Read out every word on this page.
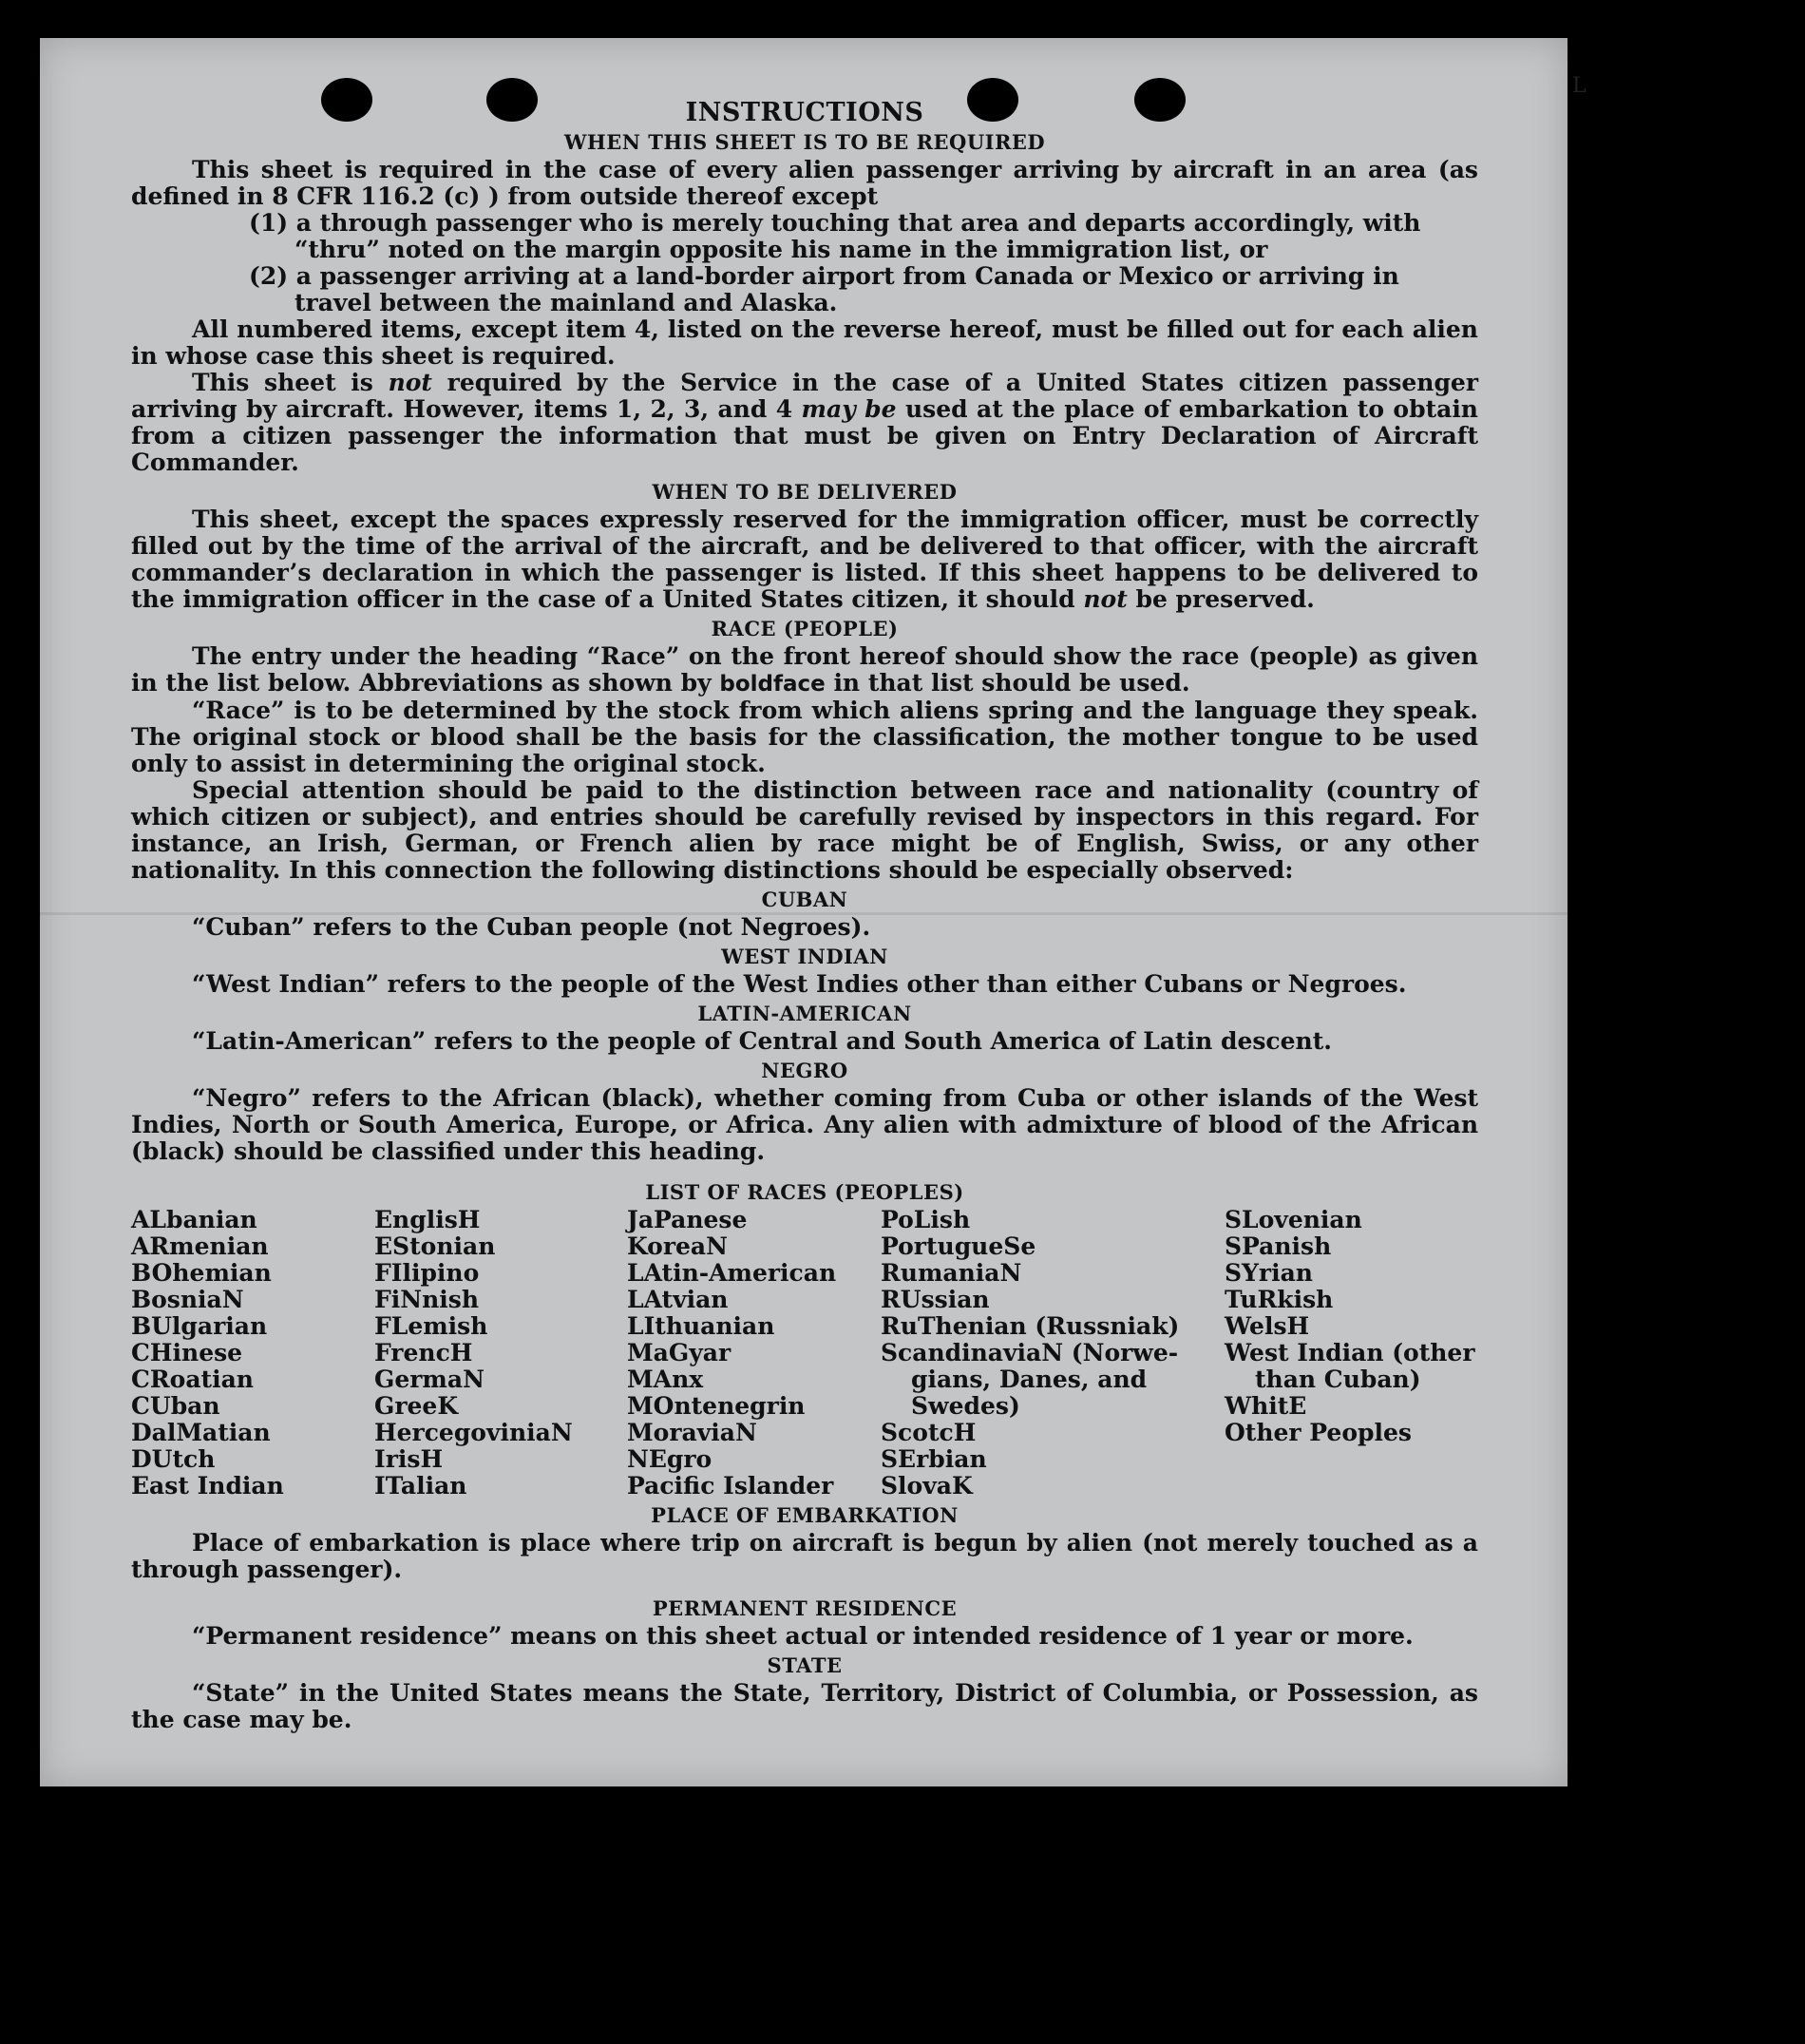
L
INSTRUCTIONS
WHEN THIS SHEET IS TO BE REQUIRED

This sheet is required in the case of every alien passenger arriving by aircraft in an area (as defined in 8 CFR 116.2 (c) ) from outside thereof except

(1) a through passenger who is merely touching that area and departs accordingly, with “thru” noted on the margin opposite his name in the immigration list, or

(2) a passenger arriving at a land-border airport from Canada or Mexico or arriving in travel between the mainland and Alaska.

All numbered items, except item 4, listed on the reverse hereof, must be filled out for each alien in whose case this sheet is required.

This sheet is not required by the Service in the case of a United States citizen passenger arriving by aircraft. However, items 1, 2, 3, and 4 may be used at the place of embarkation to obtain from a citizen passenger the information that must be given on Entry Declaration of Aircraft Commander.

WHEN TO BE DELIVERED

This sheet, except the spaces expressly reserved for the immigration officer, must be correctly filled out by the time of the arrival of the aircraft, and be delivered to that officer, with the aircraft commander’s declaration in which the passenger is listed. If this sheet happens to be delivered to the immigration officer in the case of a United States citizen, it should not be preserved.

RACE (PEOPLE)

The entry under the heading “Race” on the front hereof should show the race (people) as given in the list below. Abbreviations as shown by boldface in that list should be used.

“Race” is to be determined by the stock from which aliens spring and the language they speak. The original stock or blood shall be the basis for the classification, the mother tongue to be used only to assist in determining the original stock.

Special attention should be paid to the distinction between race and nationality (country of which citizen or subject), and entries should be carefully revised by inspectors in this regard. For instance, an Irish, German, or French alien by race might be of English, Swiss, or any other nationality. In this connection the following distinctions should be especially observed:

CUBAN

“Cuban” refers to the Cuban people (not Negroes).

WEST INDIAN

“West Indian” refers to the people of the West Indies other than either Cubans or Negroes.

LATIN-AMERICAN

“Latin-American” refers to the people of Central and South America of Latin descent.

NEGRO

“Negro” refers to the African (black), whether coming from Cuba or other islands of the West Indies, North or South America, Europe, or Africa. Any alien with admixture of blood of the African (black) should be classified under this heading.

LIST OF RACES (PEOPLES)
ALbanian
ARmenian
BOhemian
BosniaN
BUlgarian
CHinese
CRoatian
CUban
DalMatian
DUtch
East Indian
EnglisH
EStonian
FIlipino
FiNnish
FLemish
FrencH
GermaN
GreeK
HercegoviniaN
IrisH
ITalian
JaPanese
KoreaN
LAtin-American
LAtvian
LIthuanian
MaGyar
MAnx
MOntenegrin
MoraviaN
NEgro
Pacific Islander
PoLish
PortugueSe
RumaniaN
RUssian
RuThenian (Russniak)
ScandinaviaN (Norwe-
gians, Danes, and
Swedes)
ScotcH
SErbian
SlovaK
SLovenian
SPanish
SYrian
TuRkish
WelsH
West Indian (other
than Cuban)
WhitE
Other Peoples
PLACE OF EMBARKATION

Place of embarkation is place where trip on aircraft is begun by alien (not merely touched as a through passenger).

PERMANENT RESIDENCE

“Permanent residence” means on this sheet actual or intended residence of 1 year or more.

STATE

“State” in the United States means the State, Territory, District of Columbia, or Possession, as the case may be.
